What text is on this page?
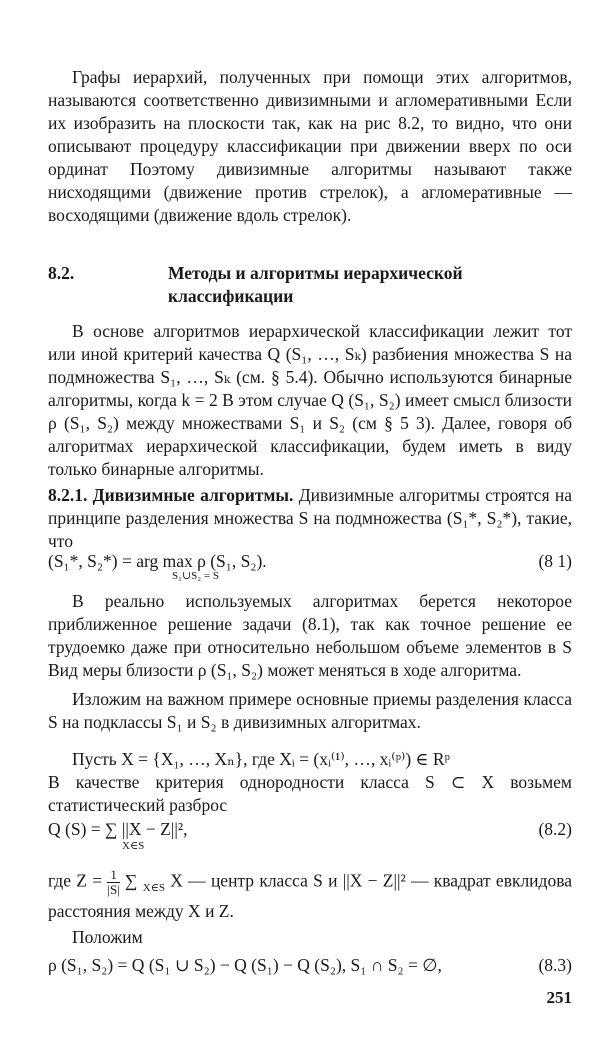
Графы иерархий, полученных при помощи этих алгоритмов, называются соответственно дивизимными и агломеративными Если их изобразить на плоскости так, как на рис 8.2, то видно, что они описывают процедуру классификации при движении вверх по оси ординат Поэтому дивизимные алгоритмы называют также нисходящими (движение против стрелок), а агломеративные — восходящими (движение вдоль стрелок).

8.2.	Методы и алгоритмы иерархической классификации

В основе алгоритмов иерархической классификации лежит тот или иной критерий качества Q (S₁, …, Sₖ) разбиения множества S на подмножества S₁, …, Sₖ (см. § 5.4). Обычно используются бинарные алгоритмы, когда k = 2 В этом случае Q (S₁, S₂) имеет смысл близости ρ (S₁, S₂) между множествами S₁ и S₂ (см § 5 3). Далее, говоря об алгоритмах иерархической классификации, будем иметь в виду только бинарные алгоритмы.

8.2.1. Дивизимные алгоритмы. Дивизимные алгоритмы строятся на принципе разделения множества S на подмножества (S₁*, S₂*), такие, что

(S₁*, S₂*) = arg max ρ (S₁, S₂).
S₁∪S₂ = S
(8 1)

В реально используемых алгоритмах берется некоторое приближенное решение задачи (8.1), так как точное решение ее трудоемко даже при относительно небольшом объеме элементов в S Вид меры близости ρ (S₁, S₂) может меняться в ходе алгоритма.

Изложим на важном примере основные приемы разделения класса S на подклассы S₁ и S₂ в дивизимных алгоритмах.

Пусть X = {X₁, …, Xₙ}, где Xᵢ = (xᵢ⁽¹⁾, …, xᵢ⁽ᵖ⁾) ∈ Rᵖ

В качестве критерия однородности класса S ⊂ X возьмем статистический разброс

Q (S) = ∑ ||X − Z||²,
X∈S
(8.2)

где $Z = \frac{1}{|S|}$ ∑ $_{X\in S}$ X — центр класса S и ||X − Z||² — квадрат евклидова расстояния между X и Z.

Положим

ρ (S₁, S₂) = Q (S₁ ∪ S₂) − Q (S₁) − Q (S₂), S₁ ∩ S₂ = ∅,	(8.3)
251
